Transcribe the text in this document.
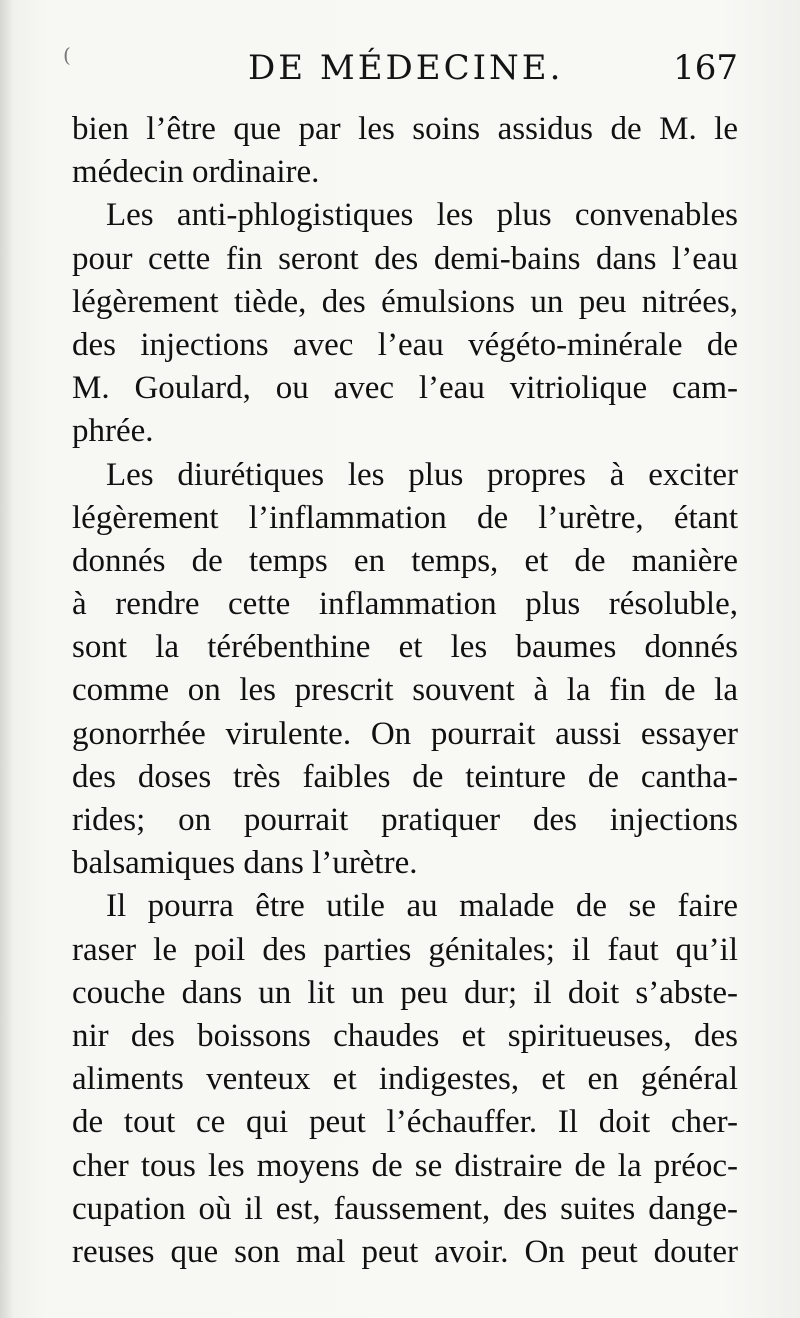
(	DE MÉDECINE.	167

bien l’être que par les soins assidus de M. le
médecin ordinaire.

Les anti-phlogistiques les plus convenables
pour cette fin seront des demi-bains dans l’eau
légèrement tiède, des émulsions un peu nitrées,
des injections avec l’eau végéto-minérale de
M. Goulard, ou avec l’eau vitriolique cam-
phrée.

Les diurétiques les plus propres à exciter
légèrement l’inflammation de l’urètre, étant
donnés de temps en temps, et de manière
à rendre cette inflammation plus résoluble,
sont la térébenthine et les baumes donnés
comme on les prescrit souvent à la fin de la
gonorrhée virulente. On pourrait aussi essayer
des doses très faibles de teinture de cantha-
rides; on pourrait pratiquer des injections
balsamiques dans l’urètre.

Il pourra être utile au malade de se faire
raser le poil des parties génitales; il faut qu’il
couche dans un lit un peu dur; il doit s’abste-
nir des boissons chaudes et spiritueuses, des
aliments venteux et indigestes, et en général
de tout ce qui peut l’échauffer. Il doit cher-
cher tous les moyens de se distraire de la préoc-
cupation où il est, faussement, des suites dange-
reuses que son mal peut avoir. On peut douter
